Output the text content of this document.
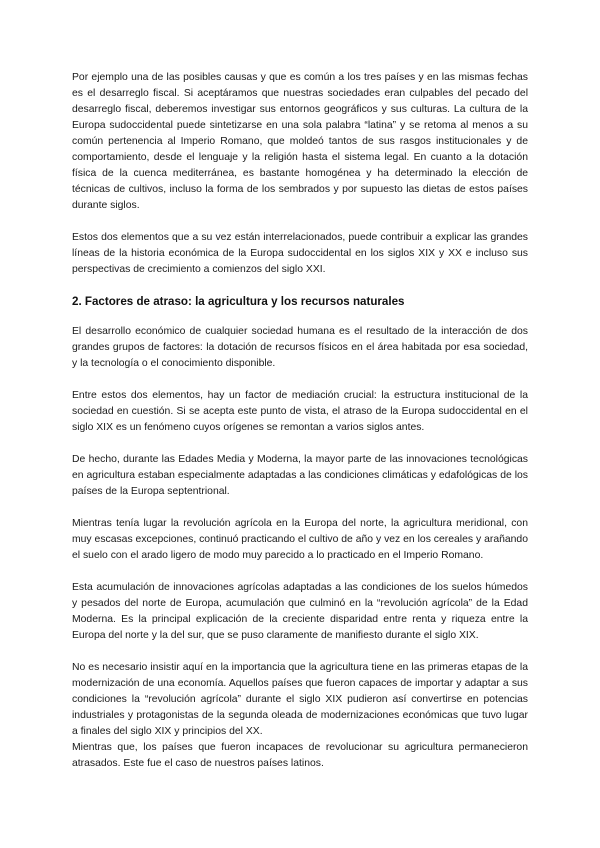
Por ejemplo una de las posibles causas y que es común a los tres países y en las mismas fechas es el desarreglo fiscal. Si aceptáramos que nuestras sociedades eran culpables del pecado del desarreglo fiscal, deberemos investigar sus entornos geográficos y sus culturas. La cultura de la Europa sudoccidental puede sintetizarse en una sola palabra “latina” y se retoma al menos a su común pertenencia al Imperio Romano, que moldeó tantos de sus rasgos institucionales y de comportamiento, desde el lenguaje y la religión hasta el sistema legal. En cuanto a la dotación física de la cuenca mediterránea, es bastante homogénea y ha determinado la elección de técnicas de cultivos, incluso la forma de los sembrados y por supuesto las dietas de estos países durante siglos.

Estos dos elementos que a su vez están interrelacionados, puede contribuir a explicar las grandes líneas de la historia económica de la Europa sudoccidental en los siglos XIX y XX e incluso sus perspectivas de crecimiento a comienzos del siglo XXI.

2. Factores de atraso: la agricultura y los recursos naturales

El desarrollo económico de cualquier sociedad humana es el resultado de la interacción de dos grandes grupos de factores: la dotación de recursos físicos en el área habitada por esa sociedad, y la tecnología o el conocimiento disponible.

Entre estos dos elementos, hay un factor de mediación crucial: la estructura institucional de la sociedad en cuestión. Si se acepta este punto de vista, el atraso de la Europa sudoccidental en el siglo XIX es un fenómeno cuyos orígenes se remontan a varios siglos antes.

De hecho, durante las Edades Media y Moderna, la mayor parte de las innovaciones tecnológicas en agricultura estaban especialmente adaptadas a las condiciones climáticas y edafológicas de los países de la Europa septentrional.

Mientras tenía lugar la revolución agrícola en la Europa del norte, la agricultura meridional, con muy escasas excepciones, continuó practicando el cultivo de año y vez en los cereales y arañando el suelo con el arado ligero de modo muy parecido a lo practicado en el Imperio Romano.

Esta acumulación de innovaciones agrícolas adaptadas a las condiciones de los suelos húmedos y pesados del norte de Europa, acumulación que culminó en la “revolución agrícola” de la Edad Moderna. Es la principal explicación de la creciente disparidad entre renta y riqueza entre la Europa del norte y la del sur, que se puso claramente de manifiesto durante el siglo XIX.

No es necesario insistir aquí en la importancia que la agricultura tiene en las primeras etapas de la modernización de una economía. Aquellos países que fueron capaces de importar y adaptar a sus condiciones la “revolución agrícola” durante el siglo XIX pudieron así convertirse en potencias industriales y protagonistas de la segunda oleada de modernizaciones económicas que tuvo lugar a finales del siglo XIX y principios del XX.

Mientras que, los países que fueron incapaces de revolucionar su agricultura permanecieron atrasados. Este fue el caso de nuestros países latinos.
